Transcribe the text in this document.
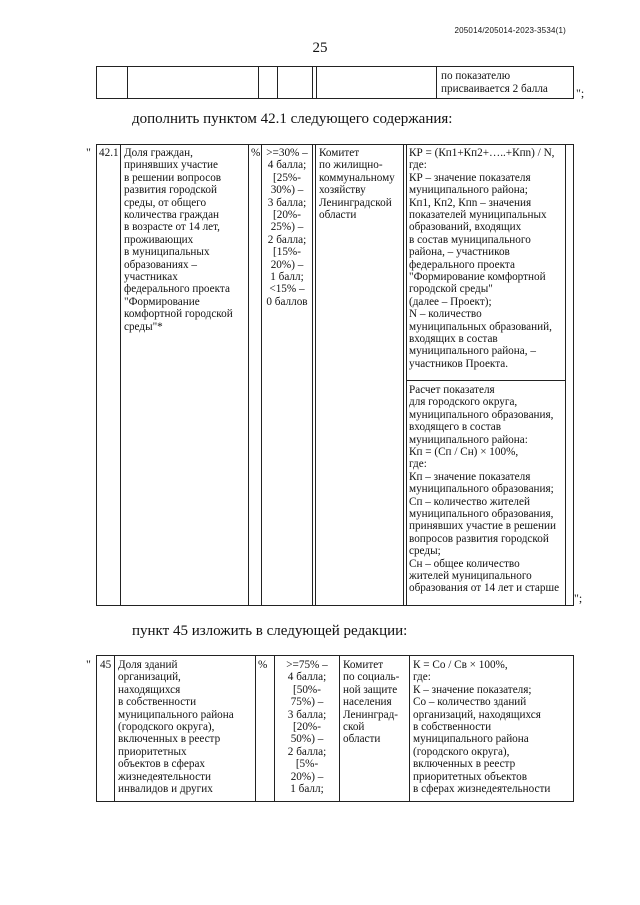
205014/205014-2023-3534(1)
25
по показателю
присваивается 2 балла ";
дополнить пунктом 42.1 следующего содержания:
" 42.1	%
Доля граждан,
принявших участие
в решении вопросов
развития городской
среды, от общего
количества граждан
в возрасте от 14 лет,
проживающих
в муниципальных
образованиях –
участниках
федерального проекта
"Формирование
комфортной городской
среды"*
>=30% –
4 балла;
[25%-
30%) –
3 балла;
[20%-
25%) –
2 балла;
[15%-
20%) –
1 балл;
<15% –
0 баллов
Комитет
по жилищно-
коммунальному
хозяйству
Ленинградской
области
КР = (Кп1+Кп2+…..+Кпn) / N,
где:
КР – значение показателя
муниципального района;
Кп1, Кп2, Кпn – значения
показателей муниципальных
образований, входящих
в состав муниципального
района, – участников
федерального проекта
"Формирование комфортной
городской среды"
(далее – Проект);
N – количество
муниципальных образований,
входящих в состав
муниципального района, –
участников Проекта.
Расчет показателя
для городского округа,
муниципального образования,
входящего в состав
муниципального района:
Кп = (Сп / Сн) × 100%,
где:
Кп – значение показателя
муниципального образования;
Сп – количество жителей
муниципального образования,
принявших участие в решении
вопросов развития городской
среды;
Сн – общее количество
жителей муниципального
образования от 14 лет и старше
";
пункт 45 изложить в следующей редакции:
" 45	%
Доля зданий
организаций,
находящихся
в собственности
муниципального района
(городского округа),
включенных в реестр
приоритетных
объектов в сферах
жизнедеятельности
инвалидов и других
>=75% –
4 балла;
[50%-
75%) –
3 балла;
[20%-
50%) –
2 балла;
[5%-
20%) –
1 балл;
Комитет
по социаль-
ной защите
населения
Ленинград-
ской
области
К = Со / Св × 100%,
где:
К – значение показателя;
Со – количество зданий
организаций, находящихся
в собственности
муниципального района
(городского округа),
включенных в реестр
приоритетных объектов
в сферах жизнедеятельности
